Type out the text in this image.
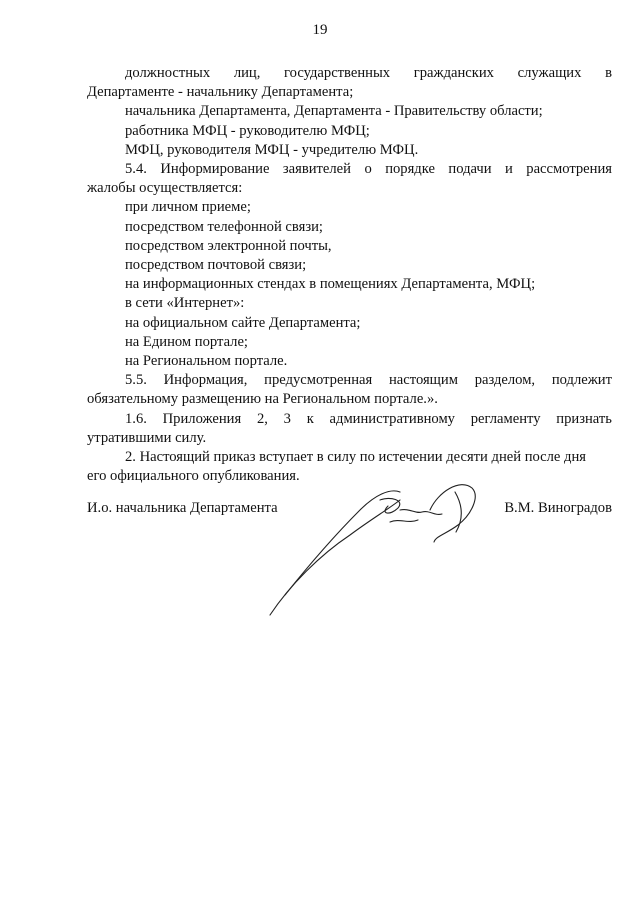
19
должностных лиц, государственных гражданских служащих в
Департаменте - начальнику Департамента;
начальника Департамента, Департамента - Правительству области;
работника МФЦ - руководителю МФЦ;
МФЦ, руководителя МФЦ - учредителю МФЦ.
5.4. Информирование заявителей о порядке подачи и рассмотрения
жалобы осуществляется:
при личном приеме;
посредством телефонной связи;
посредством электронной почты,
посредством почтовой связи;
на информационных стендах в помещениях Департамента, МФЦ;
в сети «Интернет»:
на официальном сайте Департамента;
на Едином портале;
на Региональном портале.
5.5. Информация, предусмотренная настоящим разделом, подлежит
обязательному размещению на Региональном портале.».
1.6. Приложения 2, 3 к административному регламенту признать
утратившими силу.
2. Настоящий приказ вступает в силу по истечении десяти дней после дня
его официального опубликования.
И.о. начальника Департамента	В.М. Виноградов
